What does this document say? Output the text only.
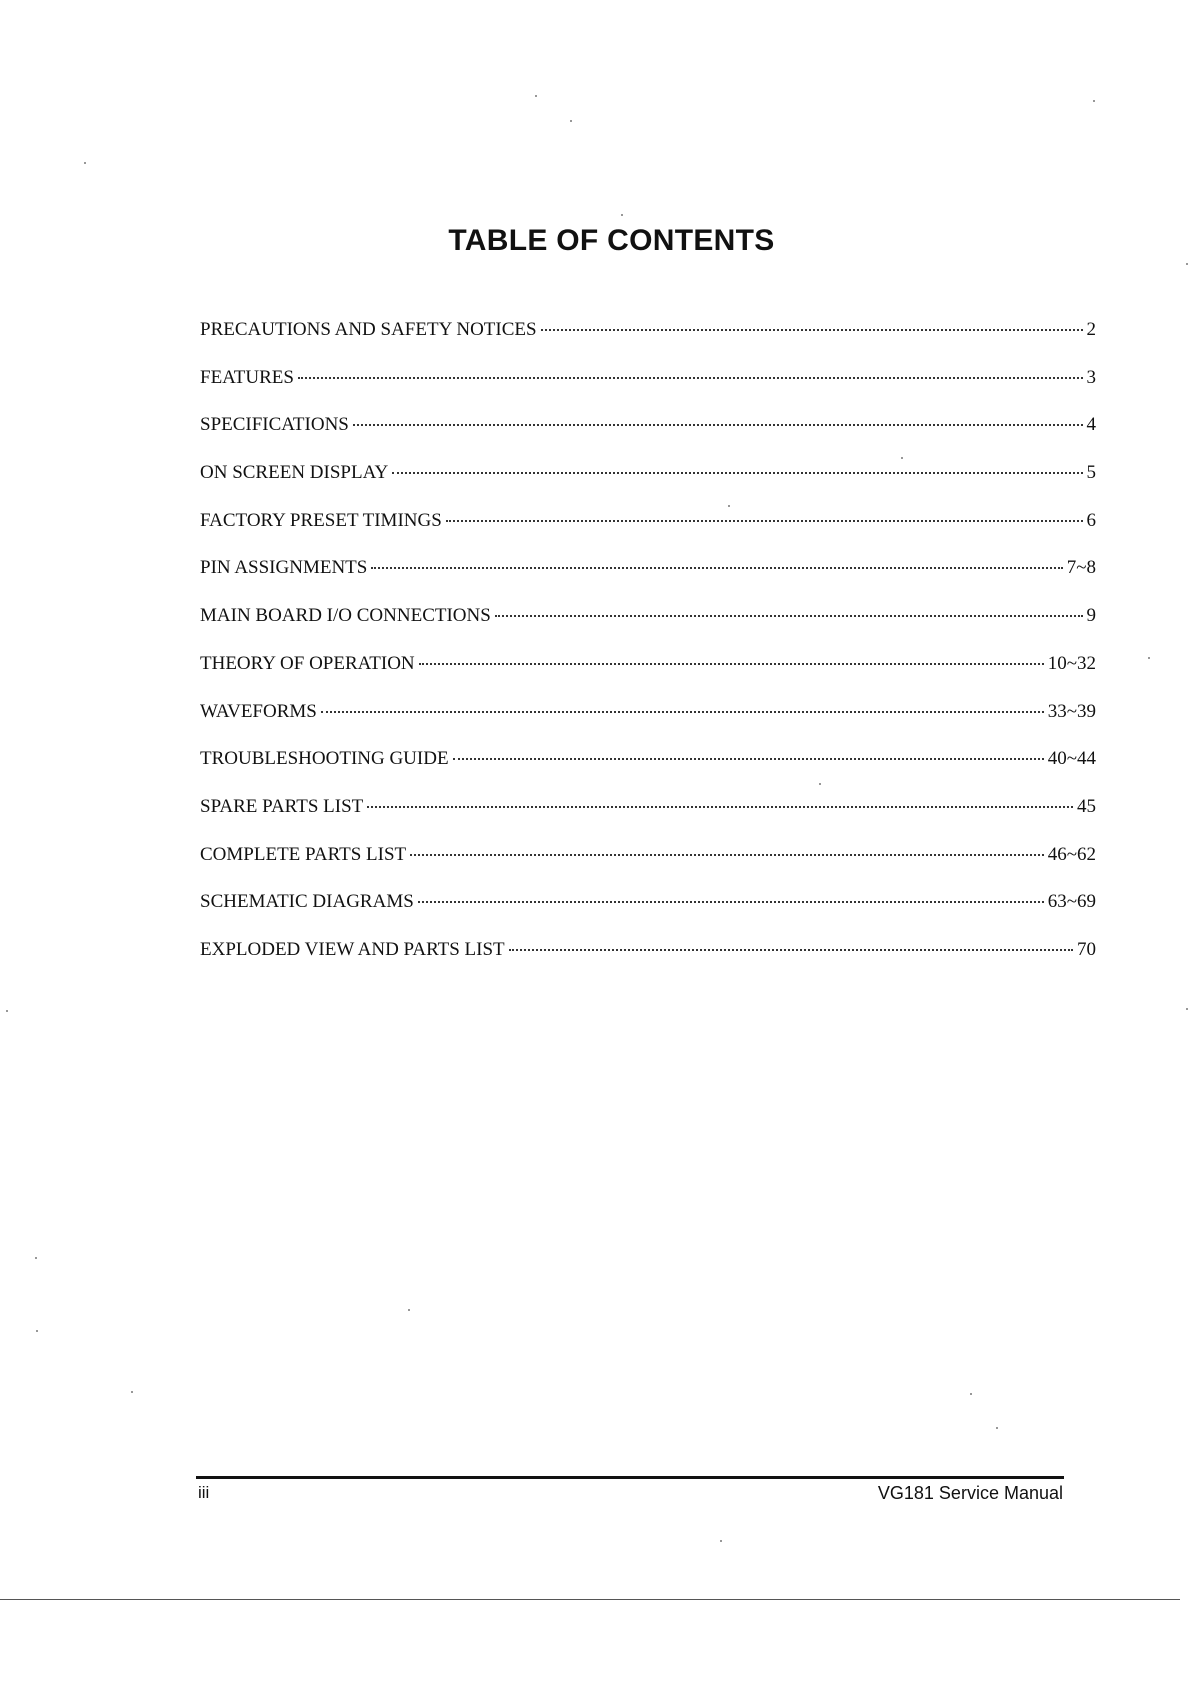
TABLE OF CONTENTS
PRECAUTIONS AND SAFETY NOTICES	2
FEATURES	3
SPECIFICATIONS	4
ON SCREEN DISPLAY	5
FACTORY PRESET TIMINGS	6
PIN ASSIGNMENTS	7~8
MAIN BOARD I/O CONNECTIONS	9
THEORY OF OPERATION	10~32
WAVEFORMS	33~39
TROUBLESHOOTING GUIDE	40~44
SPARE PARTS LIST	45
COMPLETE PARTS LIST	46~62
SCHEMATIC DIAGRAMS	63~69
EXPLODED VIEW AND PARTS LIST	70
iii	VG181 Service Manual
